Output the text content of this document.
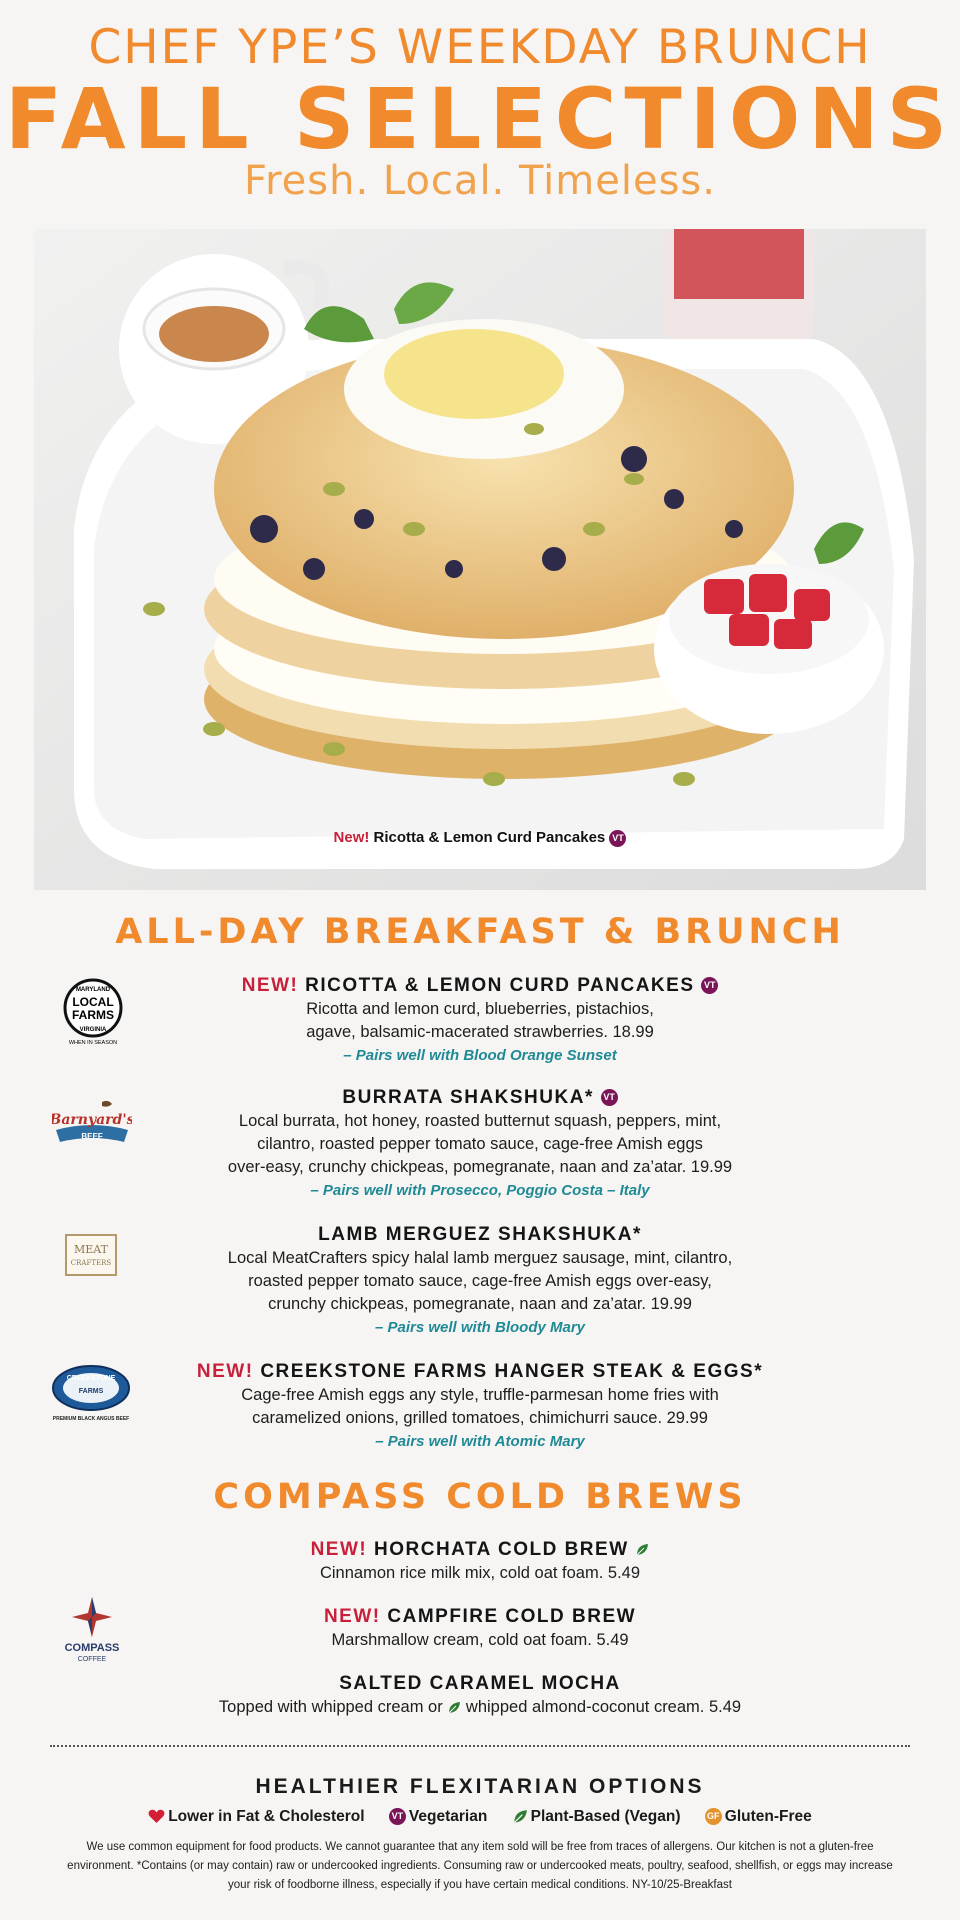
CHEF YPE’S WEEKDAY BRUNCH
FALL SELECTIONS
Fresh. Local. Timeless.
New! Ricotta & Lemon Curd Pancakes VT
ALL-DAY BREAKFAST & BRUNCH
LOCAL
FARMS
MARYLAND
VIRGINIA
WHEN IN SEASON
NEW! RICOTTA & LEMON CURD PANCAKES VT
Ricotta and lemon curd, blueberries, pistachios,
agave, balsamic-macerated strawberries. 18.99
– Pairs well with Blood Orange Sunset
Barnyard's
BEEF
BURRATA SHAKSHUKA* VT
Local burrata, hot honey, roasted butternut squash, peppers, mint,
cilantro, roasted pepper tomato sauce, cage-free Amish eggs
over-easy, crunchy chickpeas, pomegranate, naan and za’atar. 19.99
– Pairs well with Prosecco, Poggio Costa – Italy
MEAT
CRAFTERS
LAMB MERGUEZ SHAKSHUKA*
Local MeatCrafters spicy halal lamb merguez sausage, mint, cilantro,
roasted pepper tomato sauce, cage-free Amish eggs over-easy,
crunchy chickpeas, pomegranate, naan and za’atar. 19.99
– Pairs well with Bloody Mary
CREEKSTONE
FARMS
PREMIUM BLACK ANGUS BEEF
NEW! CREEKSTONE FARMS HANGER STEAK & EGGS*
Cage-free Amish eggs any style, truffle-parmesan home fries with
caramelized onions, grilled tomatoes, chimichurri sauce. 29.99
– Pairs well with Atomic Mary
COMPASS COLD BREWS
COMPASS
COFFEE
NEW! HORCHATA COLD BREW
Cinnamon rice milk mix, cold oat foam. 5.49
NEW! CAMPFIRE COLD BREW
Marshmallow cream, cold oat foam. 5.49
SALTED CARAMEL MOCHA
Topped with whipped cream or whipped almond-coconut cream. 5.49
HEALTHIER FLEXITARIAN OPTIONS
Lower in Fat & Cholesterol	VT Vegetarian	Plant-Based (Vegan)	GF Gluten-Free
We use common equipment for food products. We cannot guarantee that any item sold will be free from traces of allergens. Our kitchen is not a gluten-free
environment. *Contains (or may contain) raw or undercooked ingredients. Consuming raw or undercooked meats, poultry, seafood, shellfish, or eggs may increase
your risk of foodborne illness, especially if you have certain medical conditions. NY-10/25-Breakfast
